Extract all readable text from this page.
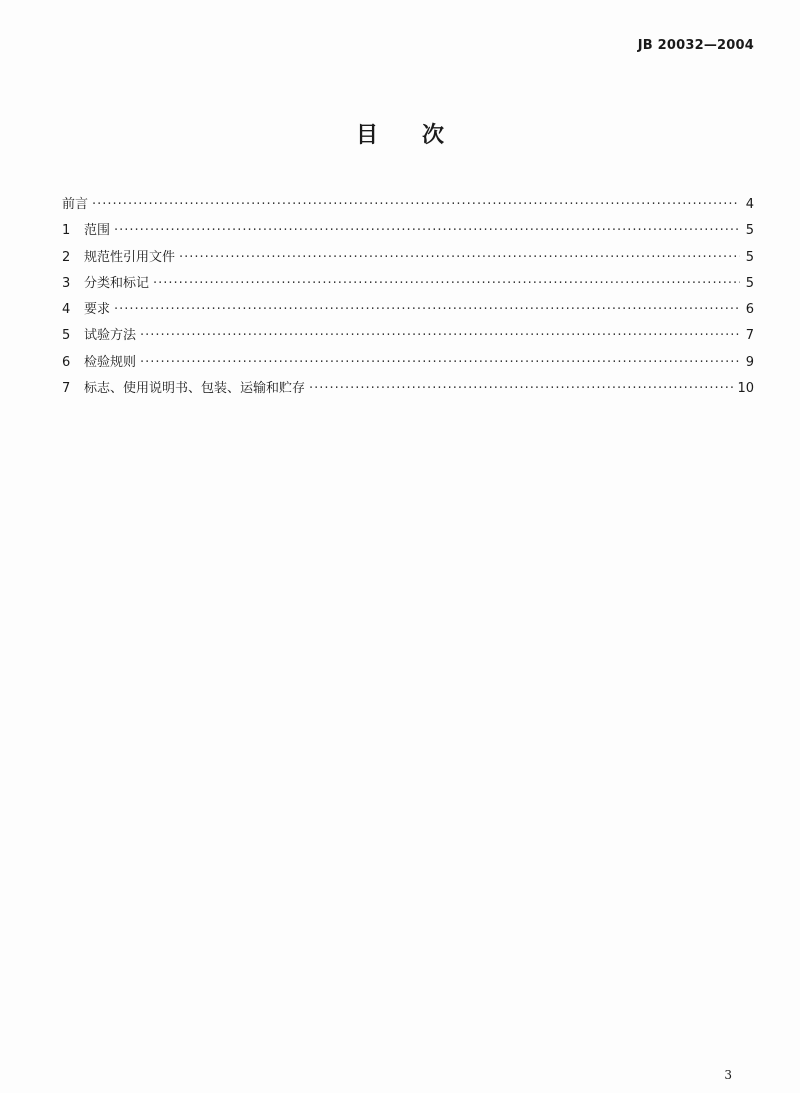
JB 20032—2004
目次
前言 ·····	4
1	范围 ·····	5
2	规范性引用文件 ·····	5
3	分类和标记 ·····	5
4	要求 ·····	6
5	试验方法 ·····	7
6	检验规则 ·····	9
7	标志、使用说明书、包装、运输和贮存 ·····	10
3
